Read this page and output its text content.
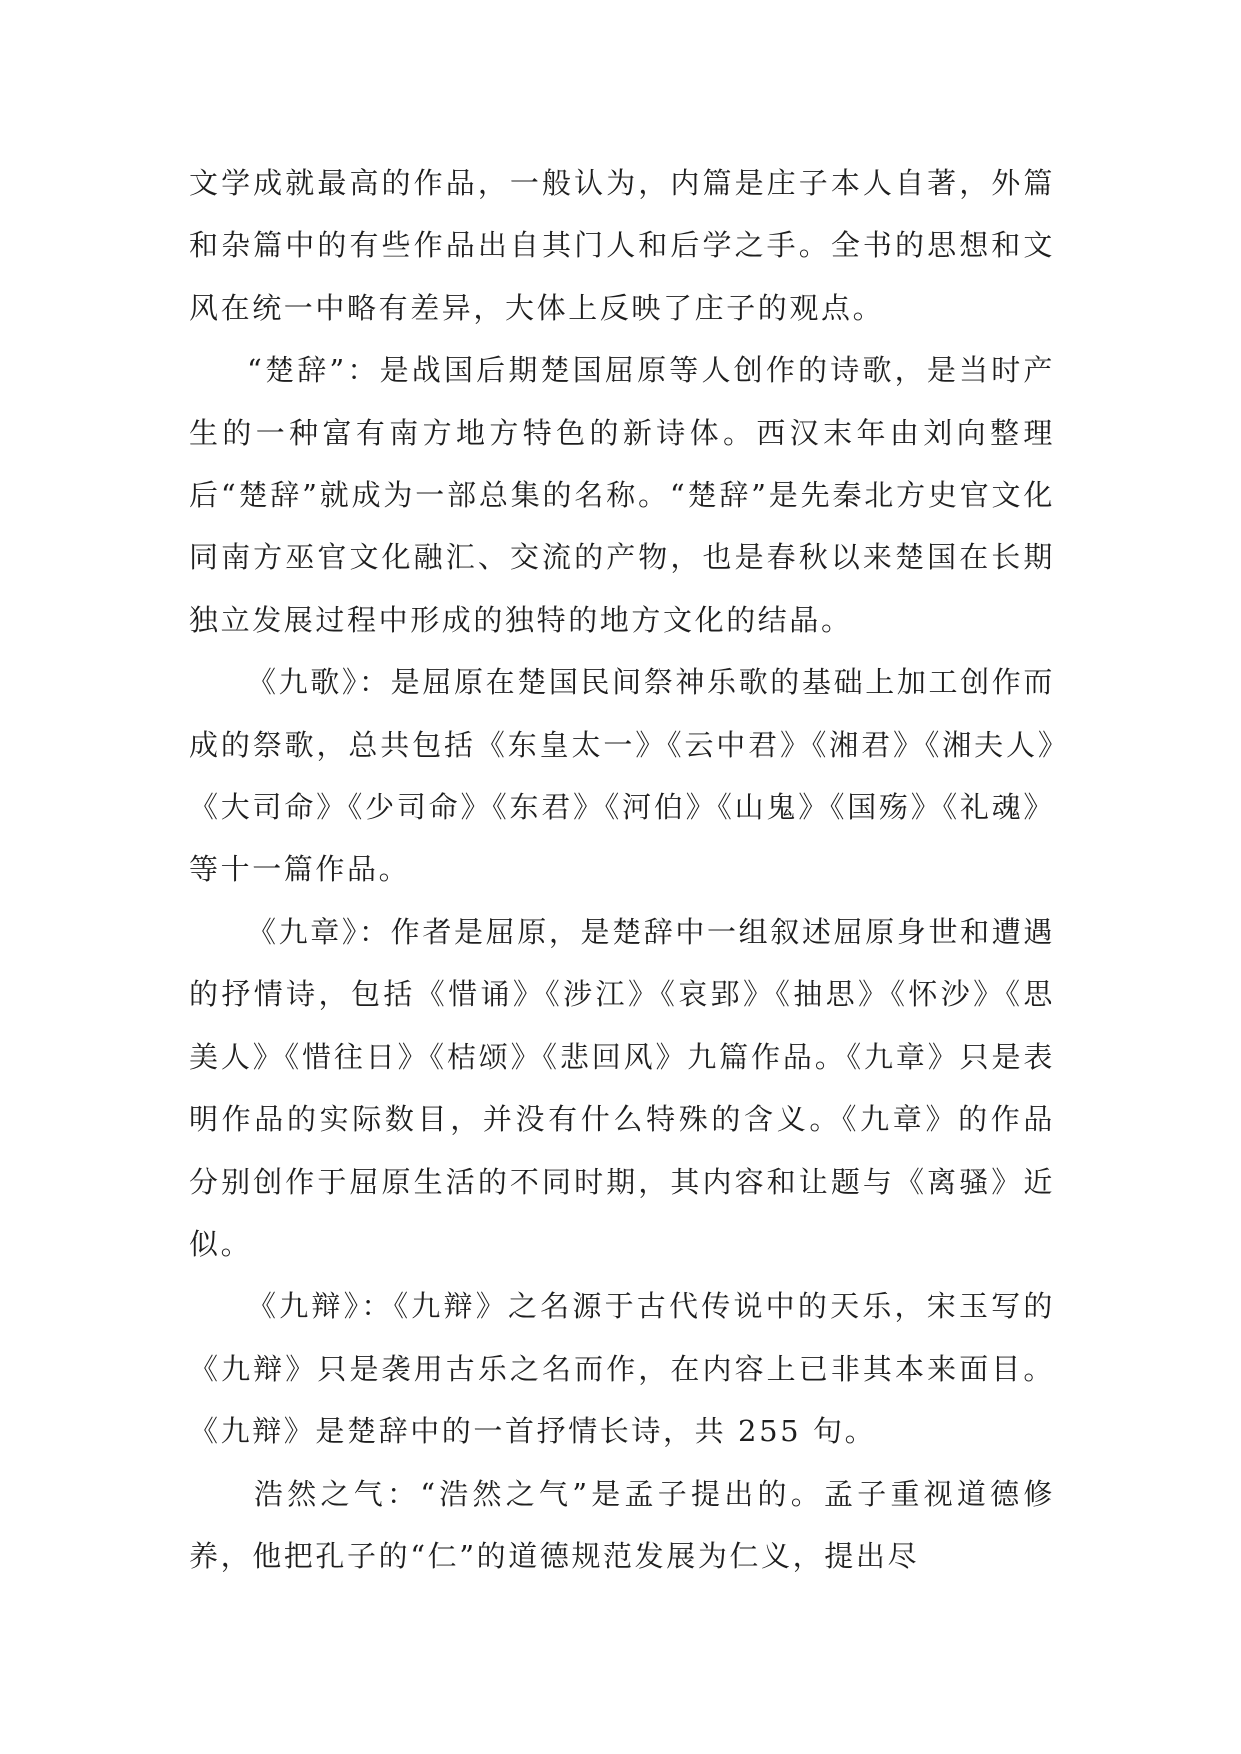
文学成就最高的作品，一般认为，内篇是庄子本人自著，外篇和杂篇中的有些作品出自其门人和后学之手。全书的思想和文风在统一中略有差异，大体上反映了庄子的观点。

“楚辞”：是战国后期楚国屈原等人创作的诗歌，是当时产生的一种富有南方地方特色的新诗体。西汉末年由刘向整理后“楚辞”就成为一部总集的名称。“楚辞”是先秦北方史官文化同南方巫官文化融汇、交流的产物，也是春秋以来楚国在长期独立发展过程中形成的独特的地方文化的结晶。

《九歌》：是屈原在楚国民间祭神乐歌的基础上加工创作而成的祭歌，总共包括《东皇太一》《云中君》《湘君》《湘夫人》《大司命》《少司命》《东君》《河伯》《山鬼》《国殇》《礼魂》等十一篇作品。

《九章》：作者是屈原，是楚辞中一组叙述屈原身世和遭遇的抒情诗，包括《惜诵》《涉江》《哀郢》《抽思》《怀沙》《思美人》《惜往日》《桔颂》《悲回风》九篇作品。《九章》只是表明作品的实际数目，并没有什么特殊的含义。《九章》的作品分别创作于屈原生活的不同时期，其内容和让题与《离骚》近似。

《九辩》：《九辩》之名源于古代传说中的天乐，宋玉写的《九辩》只是袭用古乐之名而作，在内容上已非其本来面目。《九辩》是楚辞中的一首抒情长诗，共 255 句。

浩然之气：“浩然之气”是孟子提出的。孟子重视道德修养，他把孔子的“仁”的道德规范发展为仁义，提出尽
